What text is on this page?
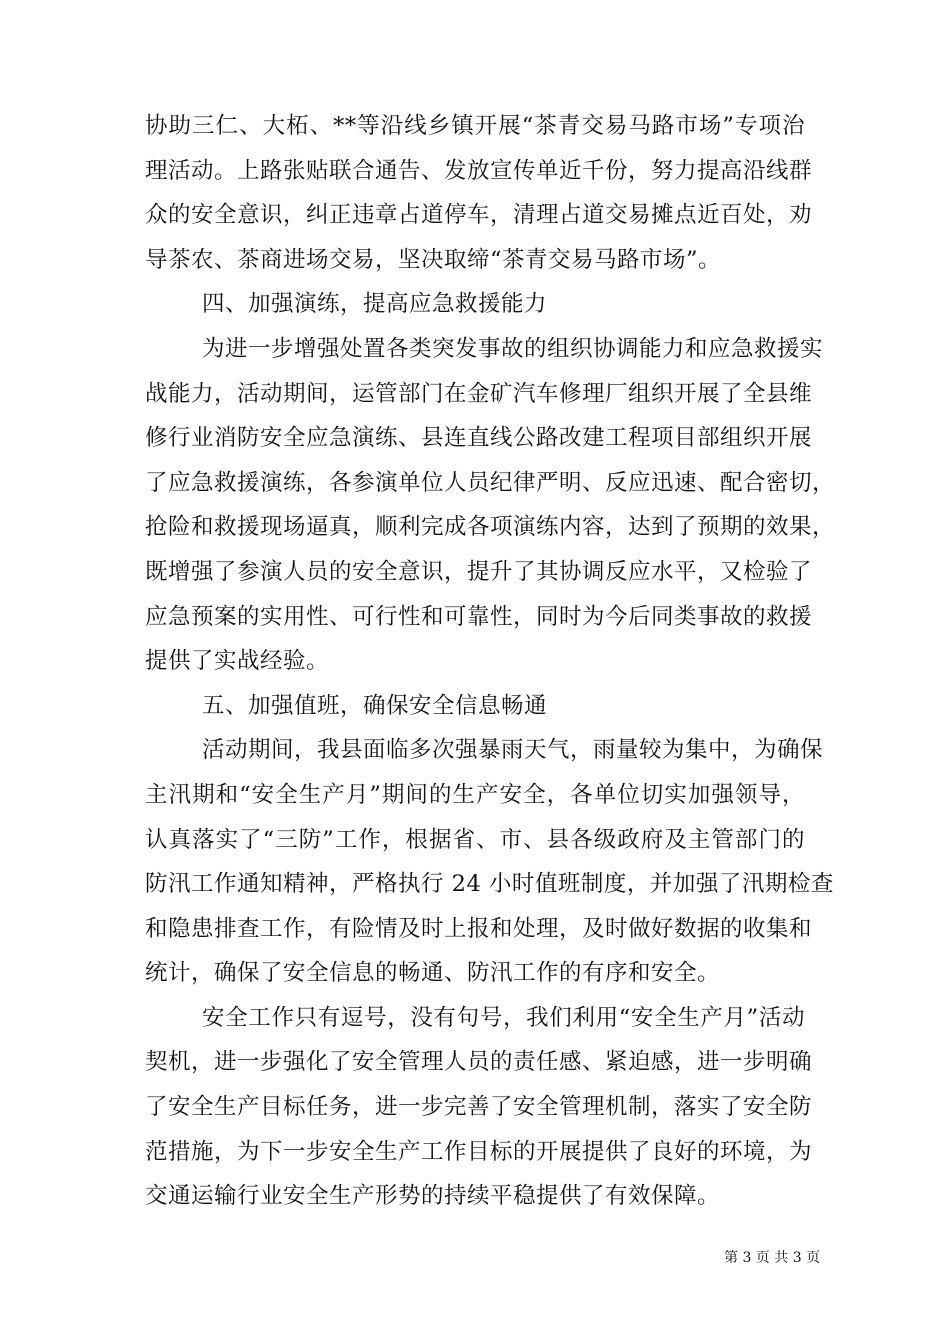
协助三仁、大柘、**等沿线乡镇开展“茶青交易马路市场”专项治
理活动。上路张贴联合通告、发放宣传单近千份，努力提高沿线群
众的安全意识，纠正违章占道停车，清理占道交易摊点近百处，劝
导茶农、茶商进场交易，坚决取缔“茶青交易马路市场”。
四、加强演练，提高应急救援能力
为进一步增强处置各类突发事故的组织协调能力和应急救援实
战能力，活动期间，运管部门在金矿汽车修理厂组织开展了全县维
修行业消防安全应急演练、县连直线公路改建工程项目部组织开展
了应急救援演练，各参演单位人员纪律严明、反应迅速、配合密切，
抢险和救援现场逼真，顺利完成各项演练内容，达到了预期的效果，
既增强了参演人员的安全意识，提升了其协调反应水平，又检验了
应急预案的实用性、可行性和可靠性，同时为今后同类事故的救援
提供了实战经验。
五、加强值班，确保安全信息畅通
活动期间，我县面临多次强暴雨天气，雨量较为集中，为确保
主汛期和“安全生产月”期间的生产安全，各单位切实加强领导，
认真落实了“三防”工作，根据省、市、县各级政府及主管部门的
防汛工作通知精神，严格执行 24 小时值班制度，并加强了汛期检查
和隐患排查工作，有险情及时上报和处理，及时做好数据的收集和
统计，确保了安全信息的畅通、防汛工作的有序和安全。
安全工作只有逗号，没有句号，我们利用“安全生产月”活动
契机，进一步强化了安全管理人员的责任感、紧迫感，进一步明确
了安全生产目标任务，进一步完善了安全管理机制，落实了安全防
范措施，为下一步安全生产工作目标的开展提供了良好的环境，为
交通运输行业安全生产形势的持续平稳提供了有效保障。
第 3 页 共 3 页
